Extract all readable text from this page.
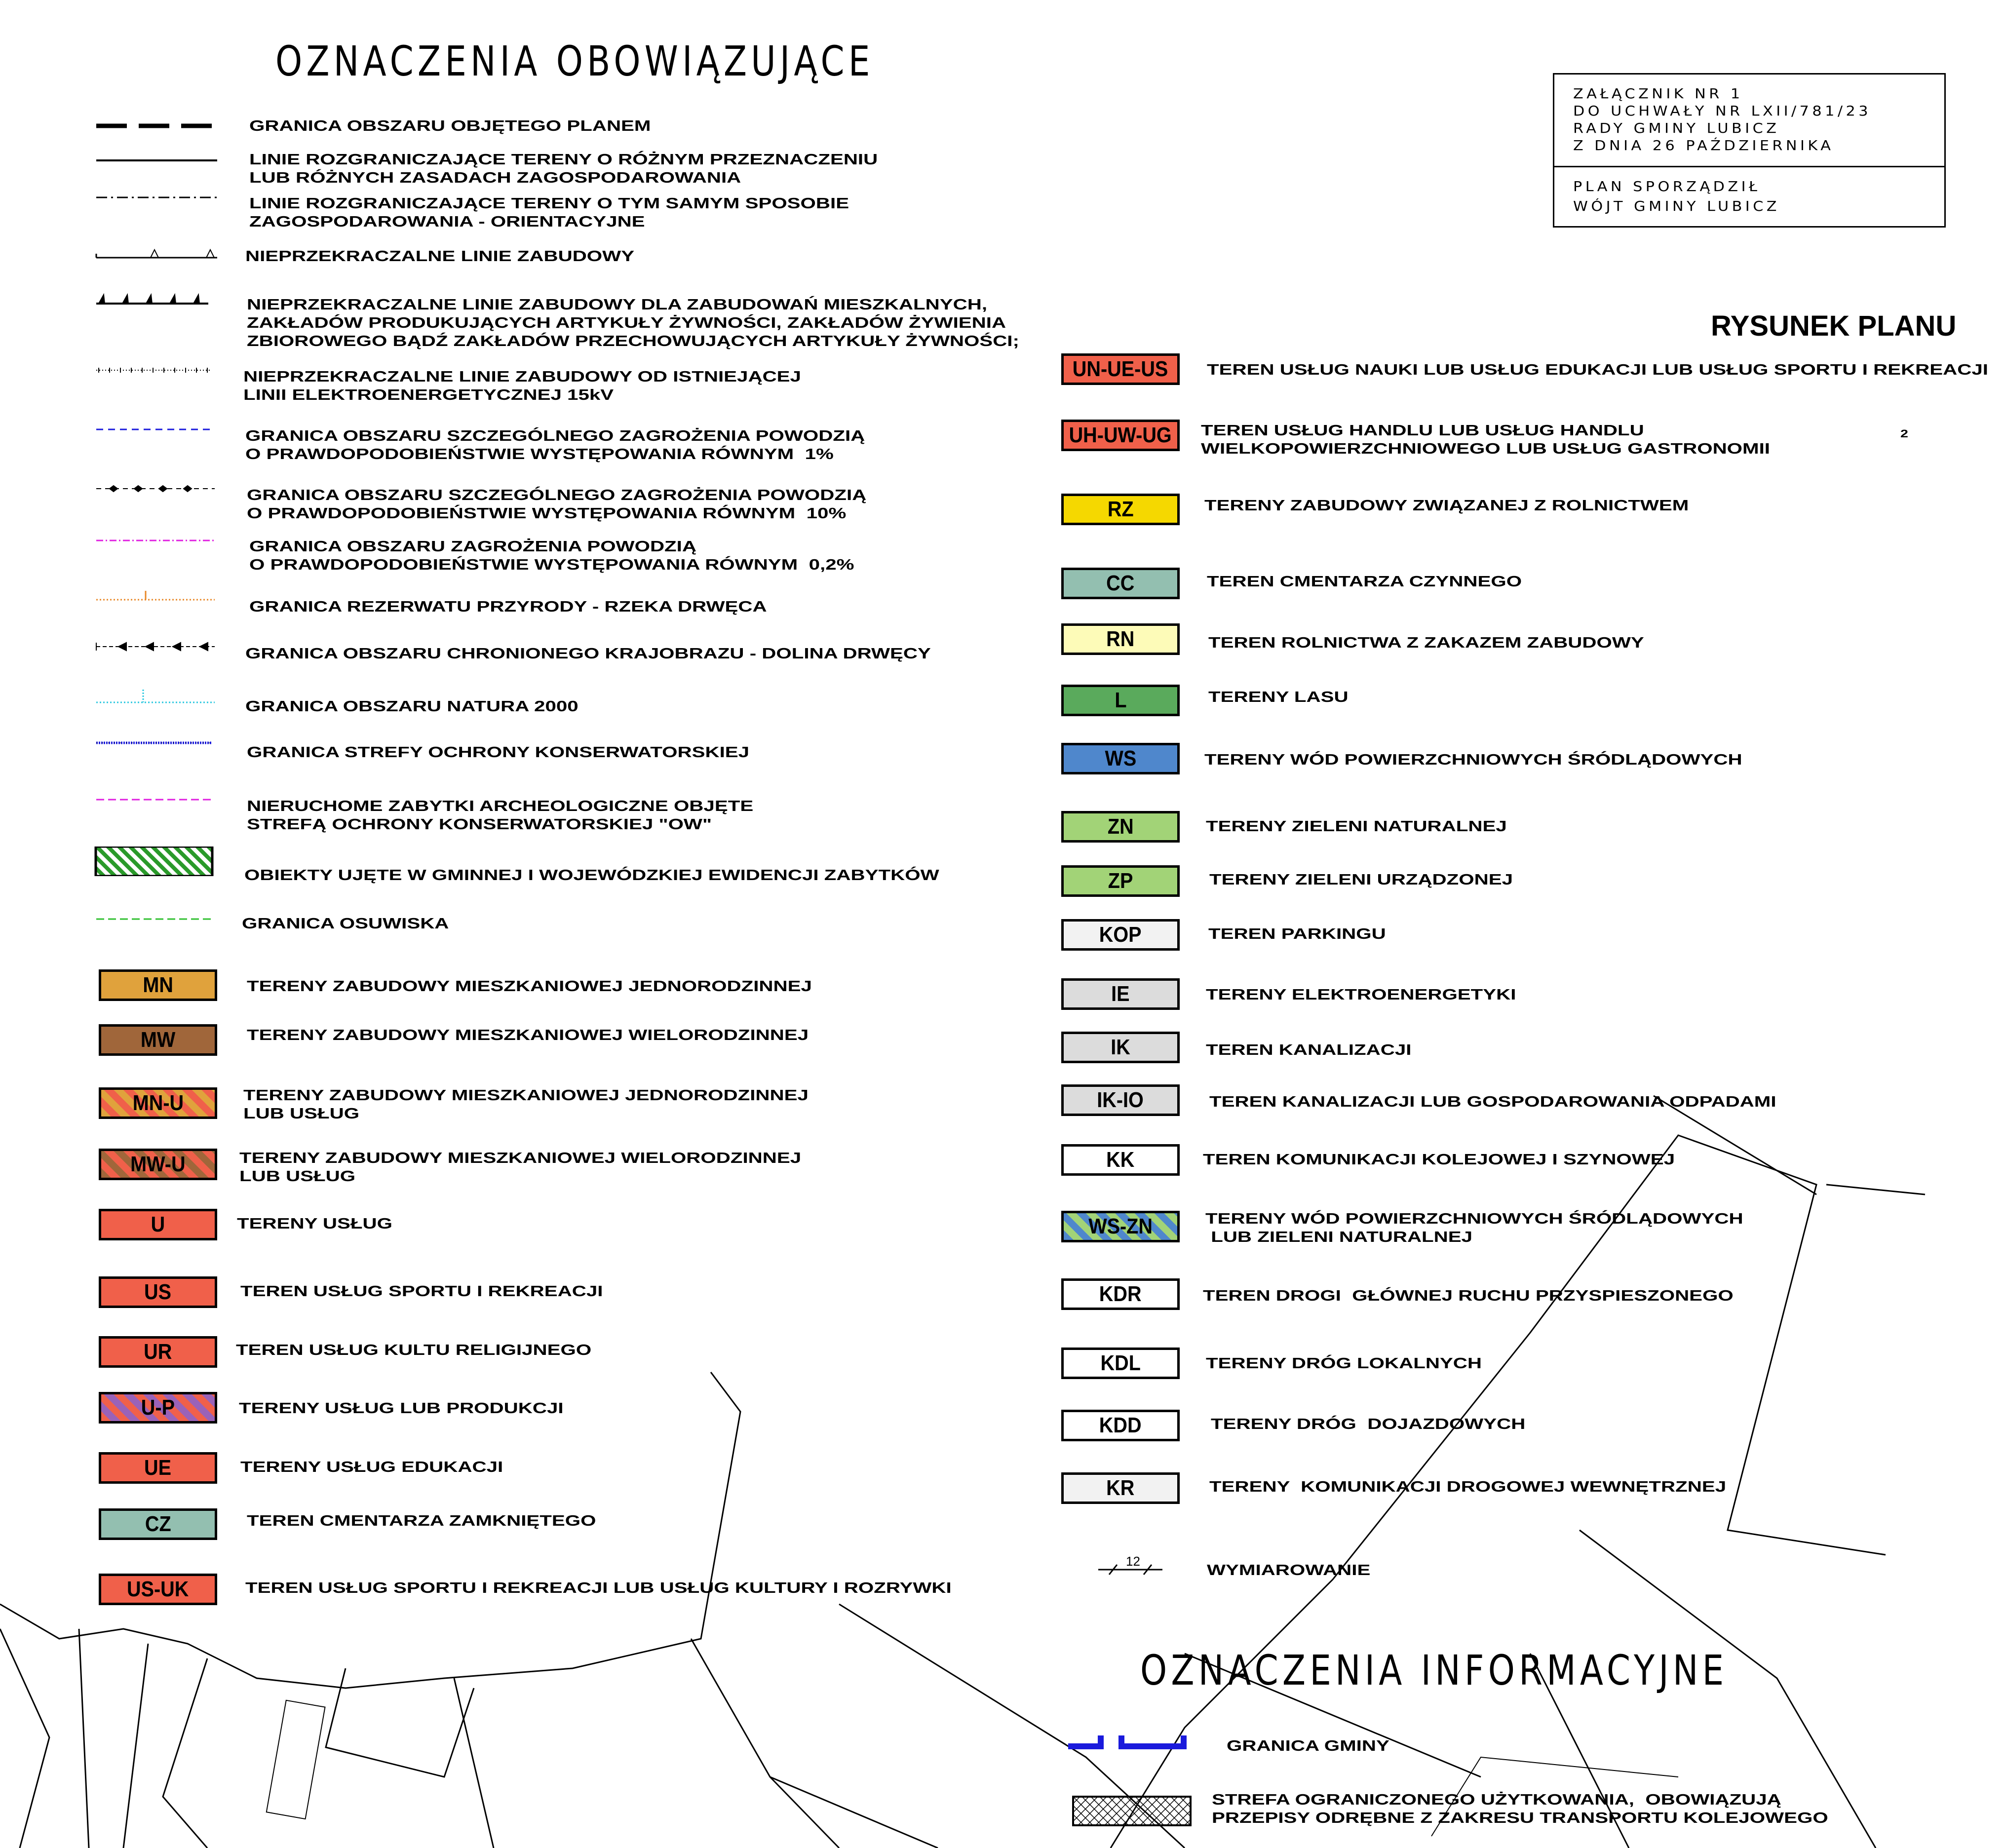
OZNACZENIA OBOWIĄZUJĄCE
OZNACZENIA INFORMACYJNE
RYSUNEK PLANU
ZAŁĄCZNIK NR 1
DO UCHWAŁY NR LXII/781/23
RADY GMINY LUBICZ
Z DNIA 26 PAŹDZIERNIKA
PLAN SPORZĄDZIŁ
WÓJT GMINY LUBICZ
2
GRANICA OBSZARU OBJĘTEGO PLANEM
LINIE ROZGRANICZAJĄCE TERENY O RÓŻNYM PRZEZNACZENIU
LUB RÓŻNYCH ZASADACH ZAGOSPODAROWANIA
LINIE ROZGRANICZAJĄCE TERENY O TYM SAMYM SPOSOBIE
ZAGOSPODAROWANIA - ORIENTACYJNE
NIEPRZEKRACZALNE LINIE ZABUDOWY
NIEPRZEKRACZALNE LINIE ZABUDOWY DLA ZABUDOWAŃ MIESZKALNYCH,
ZAKŁADÓW PRODUKUJĄCYCH ARTYKUŁY ŻYWNOŚCI, ZAKŁADÓW ŻYWIENIA
ZBIOROWEGO BĄDŹ ZAKŁADÓW PRZECHOWUJĄCYCH ARTYKUŁY ŻYWNOŚCI;
NIEPRZEKRACZALNE LINIE ZABUDOWY OD ISTNIEJĄCEJ
LINII ELEKTROENERGETYCZNEJ 15kV
GRANICA OBSZARU SZCZEGÓLNEGO ZAGROŻENIA POWODZIĄ
O PRAWDOPODOBIEŃSTWIE WYSTĘPOWANIA RÓWNYM  1%
GRANICA OBSZARU SZCZEGÓLNEGO ZAGROŻENIA POWODZIĄ
O PRAWDOPODOBIEŃSTWIE WYSTĘPOWANIA RÓWNYM  10%
GRANICA OBSZARU ZAGROŻENIA POWODZIĄ
O PRAWDOPODOBIEŃSTWIE WYSTĘPOWANIA RÓWNYM  0,2%
GRANICA REZERWATU PRZYRODY - RZEKA DRWĘCA
GRANICA OBSZARU CHRONIONEGO KRAJOBRAZU - DOLINA DRWĘCY
GRANICA OBSZARU NATURA 2000
GRANICA STREFY OCHRONY KONSERWATORSKIEJ
NIERUCHOME ZABYTKI ARCHEOLOGICZNE OBJĘTE
STREFĄ OCHRONY KONSERWATORSKIEJ "OW"
OBIEKTY UJĘTE W GMINNEJ I WOJEWÓDZKIEJ EWIDENCJI ZABYTKÓW
GRANICA OSUWISKA
MN	TERENY ZABUDOWY MIESZKANIOWEJ JEDNORODZINNEJ
MW	TERENY ZABUDOWY MIESZKANIOWEJ WIELORODZINNEJ
MN-U	TERENY ZABUDOWY MIESZKANIOWEJ JEDNORODZINNEJ
LUB USŁUG
MW-U	TERENY ZABUDOWY MIESZKANIOWEJ WIELORODZINNEJ
LUB USŁUG
U	TERENY USŁUG
US	TEREN USŁUG SPORTU I REKREACJI
UR	TEREN USŁUG KULTU RELIGIJNEGO
U-P	TERENY USŁUG LUB PRODUKCJI
UE	TERENY USŁUG EDUKACJI
CZ	TEREN CMENTARZA ZAMKNIĘTEGO
US-UK	TEREN USŁUG SPORTU I REKREACJI LUB USŁUG KULTURY I ROZRYWKI
UN-UE-US	TEREN USŁUG NAUKI LUB USŁUG EDUKACJI LUB USŁUG SPORTU I REKREACJI
UH-UW-UG TEREN USŁUG HANDLU LUB USŁUG HANDLU
WIELKOPOWIERZCHNIOWEGO LUB USŁUG GASTRONOMII
RZ	TERENY ZABUDOWY ZWIĄZANEJ Z ROLNICTWEM
CC	TEREN CMENTARZA CZYNNEGO
RN	TEREN ROLNICTWA Z ZAKAZEM ZABUDOWY
L	TERENY LASU
WS	TERENY WÓD POWIERZCHNIOWYCH ŚRÓDLĄDOWYCH
ZN	TERENY ZIELENI NATURALNEJ
ZP	TERENY ZIELENI URZĄDZONEJ
KOP	TEREN PARKINGU
IE	TERENY ELEKTROENERGETYKI
IK	TEREN KANALIZACJI
IK-IO	TEREN KANALIZACJI LUB GOSPODAROWANIA ODPADAMI
KK	TEREN KOMUNIKACJI KOLEJOWEJ I SZYNOWEJ
WS-ZN	TERENY WÓD POWIERZCHNIOWYCH ŚRÓDLĄDOWYCH
LUB ZIELENI NATURALNEJ
KDR	TEREN DROGI  GŁÓWNEJ RUCHU PRZYSPIESZONEGO
KDL	TERENY DRÓG LOKALNYCH
KDD	TERENY DRÓG  DOJAZDOWYCH
KR	TERENY  KOMUNIKACJI DROGOWEJ WEWNĘTRZNEJ
12	WYMIAROWANIE
GRANICA GMINY
STREFA OGRANICZONEGO UŻYTKOWANIA,  OBOWIĄZUJĄ
PRZEPISY ODRĘBNE Z ZAKRESU TRANSPORTU KOLEJOWEGO
